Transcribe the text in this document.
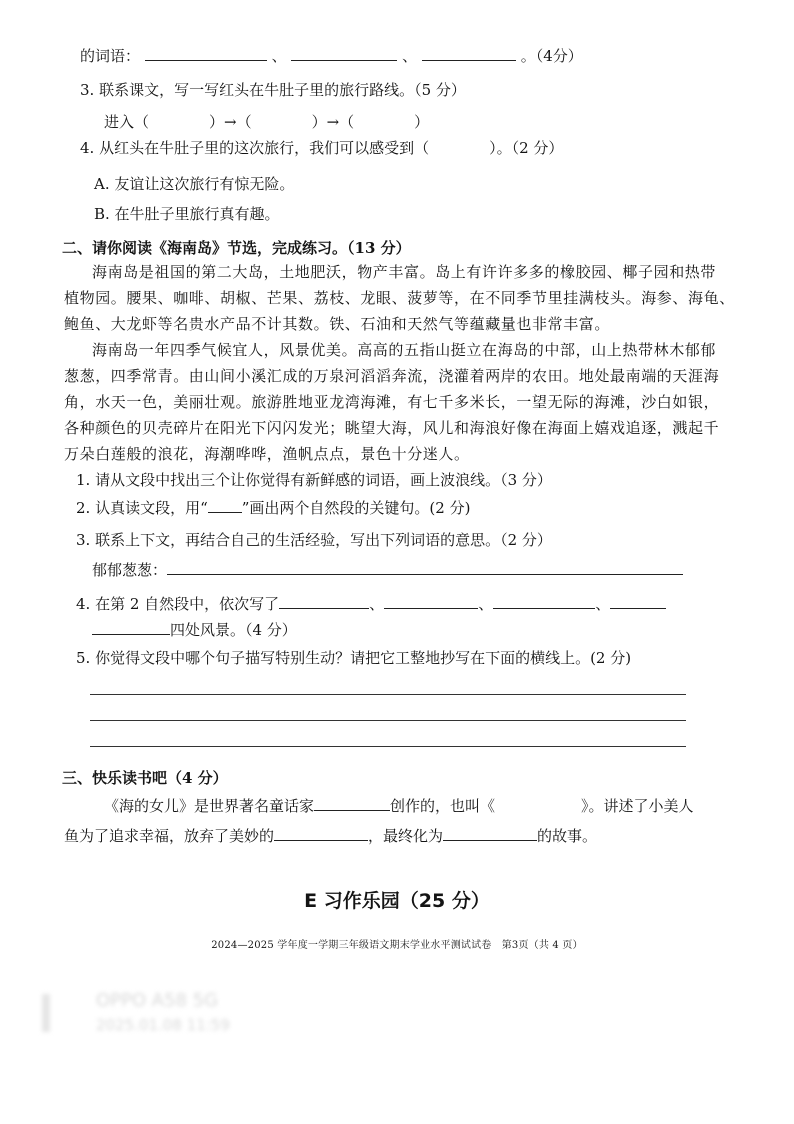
的词语：	、	、	。（4分）
3. 联系课文，写一写红头在牛肚子里的旅行路线。（5 分）
进入（	）→（	）→（	）
4. 从红头在牛肚子里的这次旅行，我们可以感受到（　　　　）。（2 分）
A. 友谊让这次旅行有惊无险。
B. 在牛肚子里旅行真有趣。
二、请你阅读《海南岛》节选，完成练习。（13 分）
海南岛是祖国的第二大岛，土地肥沃，物产丰富。岛上有许许多多的橡胶园、椰子园和热带
植物园。腰果、咖啡、胡椒、芒果、荔枝、龙眼、菠萝等，在不同季节里挂满枝头。海参、海龟、
鲍鱼、大龙虾等名贵水产品不计其数。铁、石油和天然气等蕴藏量也非常丰富。
海南岛一年四季气候宜人，风景优美。高高的五指山挺立在海岛的中部，山上热带林木郁郁
葱葱，四季常青。由山间小溪汇成的万泉河滔滔奔流，浇灌着两岸的农田。地处最南端的天涯海
角，水天一色，美丽壮观。旅游胜地亚龙湾海滩，有七千多米长，一望无际的海滩，沙白如银，
各种颜色的贝壳碎片在阳光下闪闪发光；眺望大海，风儿和海浪好像在海面上嬉戏追逐，溅起千
万朵白莲般的浪花，海潮哗哗，渔帆点点，景色十分迷人。
1. 请从文段中找出三个让你觉得有新鲜感的词语，画上波浪线。（3 分）
2. 认真读文段，用“ ”画出两个自然段的关键句。(2 分)
3. 联系上下文，再结合自己的生活经验，写出下列词语的意思。（2 分）
郁郁葱葱：
4. 在第 2 自然段中，依次写了	、	、	、
四处风景。（4 分）
5. 你觉得文段中哪个句子描写特别生动？请把它工整地抄写在下面的横线上。(2 分)
三、快乐读书吧（4 分）
《海的女儿》是世界著名童话家	创作的，也叫《	》。讲述了小美人
鱼为了追求幸福，放弃了美妙的	，最终化为	的故事。
E 习作乐园（25 分）
2024—2025 学年度一学期三年级语文期末学业水平测试试卷　第3页（共 4 页）
OPPO A58 5G
2025.01.08 11:59
